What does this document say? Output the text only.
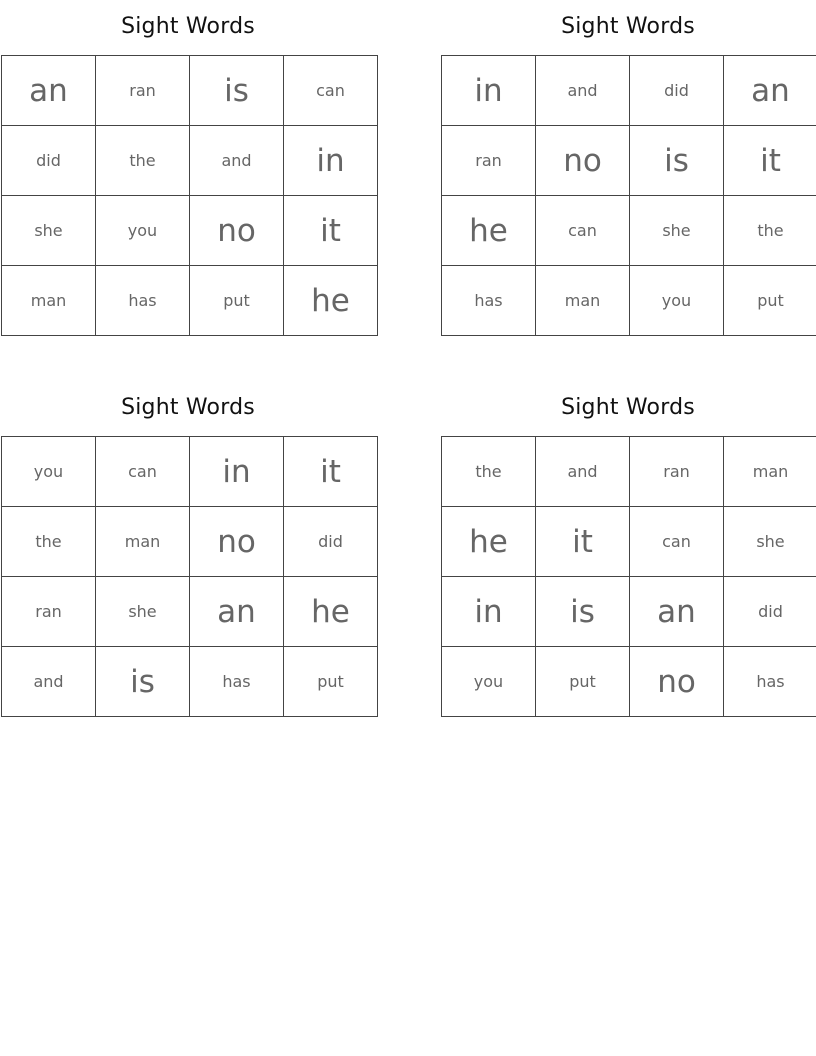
Sight Words
an	ran	is	can
did	the	and	in
she	you	no	it
man	has	put	he
Sight Words
in	and	did	an
ran	no	is	it
he	can	she	the
has	man	you	put
Sight Words
you	can	in	it
the	man	no	did
ran	she	an	he
and	is	has	put
Sight Words
the	and	ran	man
he	it	can	she
in	is	an	did
you	put	no	has
